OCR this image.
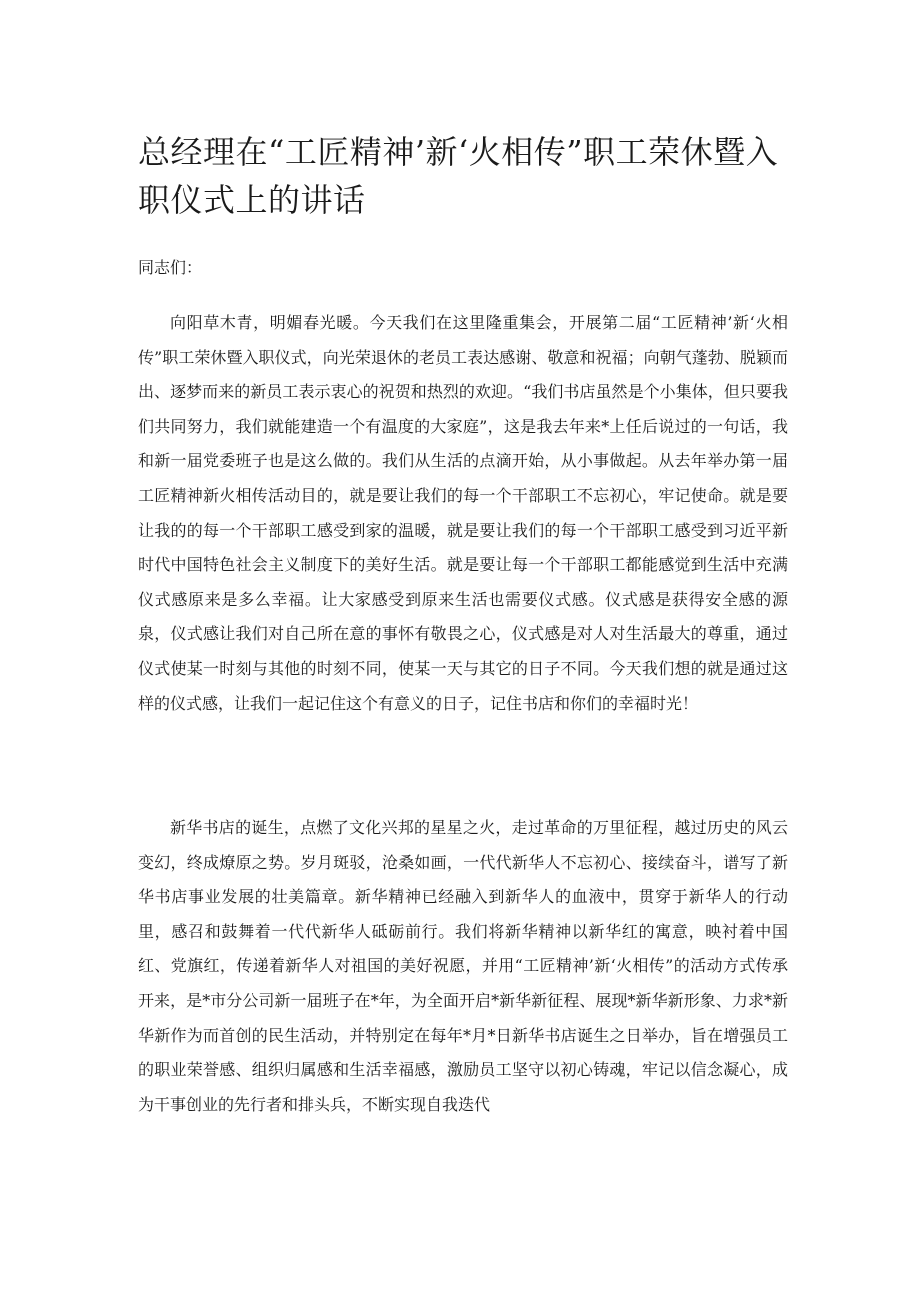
总经理在“工匠精神’新‘火相传”职工荣休暨入职仪式上的讲话

同志们：

向阳草木青，明媚春光暖。今天我们在这里隆重集会，开展第二届“工匠精神’新‘火相传”职工荣休暨入职仪式，向光荣退休的老员工表达感谢、敬意和祝福；向朝气蓬勃、脱颖而出、逐梦而来的新员工表示衷心的祝贺和热烈的欢迎。“我们书店虽然是个小集体，但只要我们共同努力，我们就能建造一个有温度的大家庭”，这是我去年来*上任后说过的一句话，我和新一届党委班子也是这么做的。我们从生活的点滴开始，从小事做起。从去年举办第一届工匠精神新火相传活动目的，就是要让我们的每一个干部职工不忘初心，牢记使命。就是要让我的的每一个干部职工感受到家的温暖，就是要让我们的每一个干部职工感受到习近平新时代中国特色社会主义制度下的美好生活。就是要让每一个干部职工都能感觉到生活中充满仪式感原来是多么幸福。让大家感受到原来生活也需要仪式感。仪式感是获得安全感的源泉，仪式感让我们对自己所在意的事怀有敬畏之心，仪式感是对人对生活最大的尊重，通过仪式使某一时刻与其他的时刻不同，使某一天与其它的日子不同。今天我们想的就是通过这样的仪式感，让我们一起记住这个有意义的日子，记住书店和你们的幸福时光！

新华书店的诞生，点燃了文化兴邦的星星之火，走过革命的万里征程，越过历史的风云变幻，终成燎原之势。岁月斑驳，沧桑如画，一代代新华人不忘初心、接续奋斗，谱写了新华书店事业发展的壮美篇章。新华精神已经融入到新华人的血液中，贯穿于新华人的行动里，感召和鼓舞着一代代新华人砥砺前行。我们将新华精神以新华红的寓意，映衬着中国红、党旗红，传递着新华人对祖国的美好祝愿，并用“工匠精神’新‘火相传”的活动方式传承开来，是*市分公司新一届班子在*年，为全面开启*新华新征程、展现*新华新形象、力求*新华新作为而首创的民生活动，并特别定在每年*月*日新华书店诞生之日举办，旨在增强员工的职业荣誉感、组织归属感和生活幸福感，激励员工坚守以初心铸魂，牢记以信念凝心，成为干事创业的先行者和排头兵，不断实现自我迭代
